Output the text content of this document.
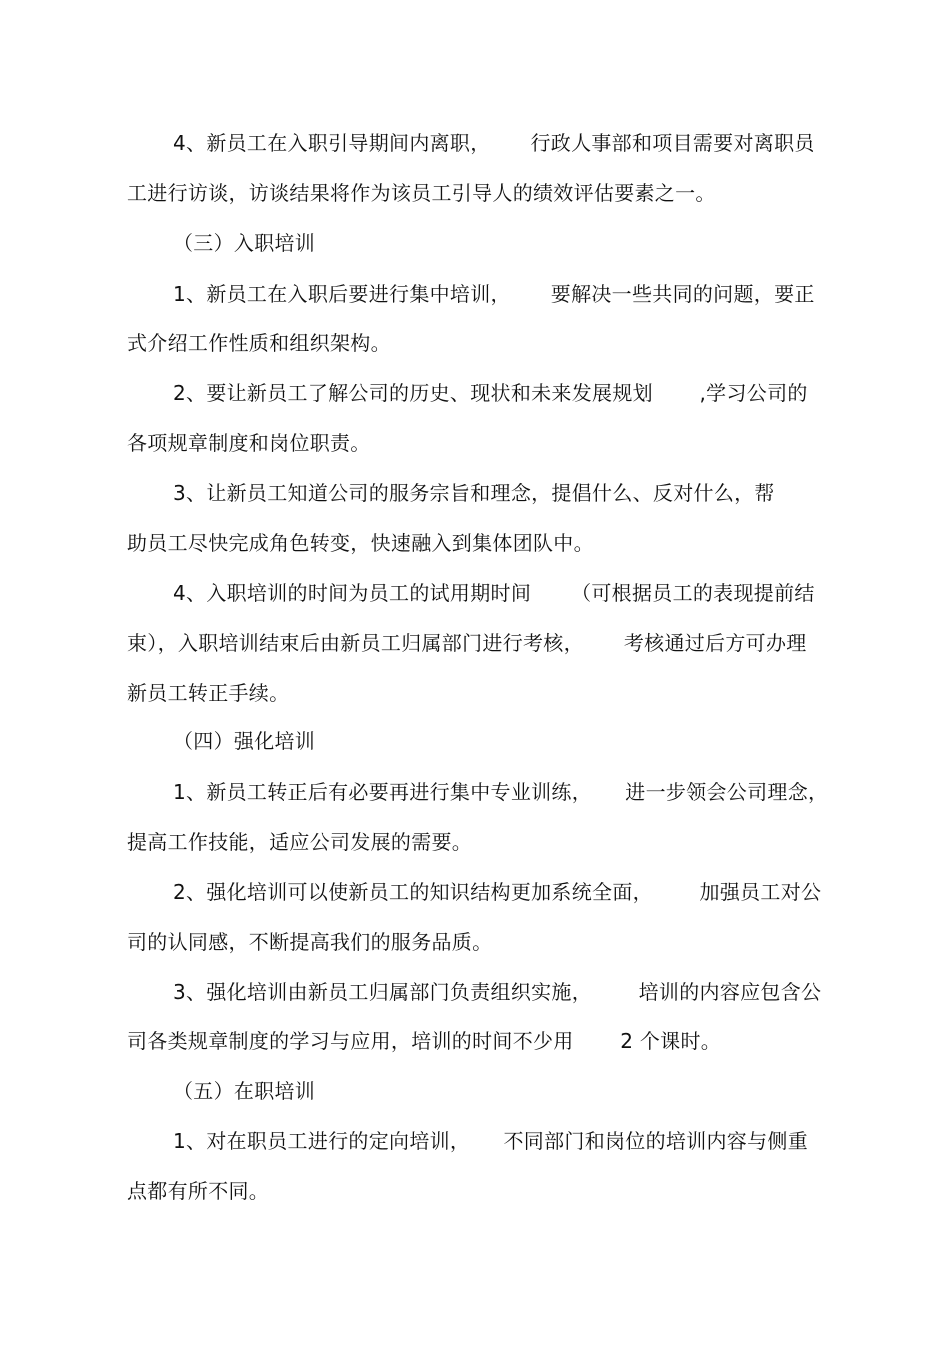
4、新员工在入职引导期间内离职，      行政人事部和项目需要对离职员
工进行访谈，访谈结果将作为该员工引导人的绩效评估要素之一。
（三）入职培训
1、新员工在入职后要进行集中培训，      要解决一些共同的问题，要正
式介绍工作性质和组织架构。
2、要让新员工了解公司的历史、现状和未来发展规划       ,学习公司的
各项规章制度和岗位职责。
3、让新员工知道公司的服务宗旨和理念，提倡什么、反对什么，帮
助员工尽快完成角色转变，快速融入到集体团队中。
4、入职培训的时间为员工的试用期时间      （可根据员工的表现提前结
束），入职培训结束后由新员工归属部门进行考核，      考核通过后方可办理
新员工转正手续。
（四）强化培训
1、新员工转正后有必要再进行集中专业训练，     进一步领会公司理念，
提高工作技能，适应公司发展的需要。
2、强化培训可以使新员工的知识结构更加系统全面，       加强员工对公
司的认同感，不断提高我们的服务品质。
3、强化培训由新员工归属部门负责组织实施，       培训的内容应包含公
司各类规章制度的学习与应用，培训的时间不少用       2 个课时。
（五）在职培训
1、对在职员工进行的定向培训，     不同部门和岗位的培训内容与侧重
点都有所不同。
